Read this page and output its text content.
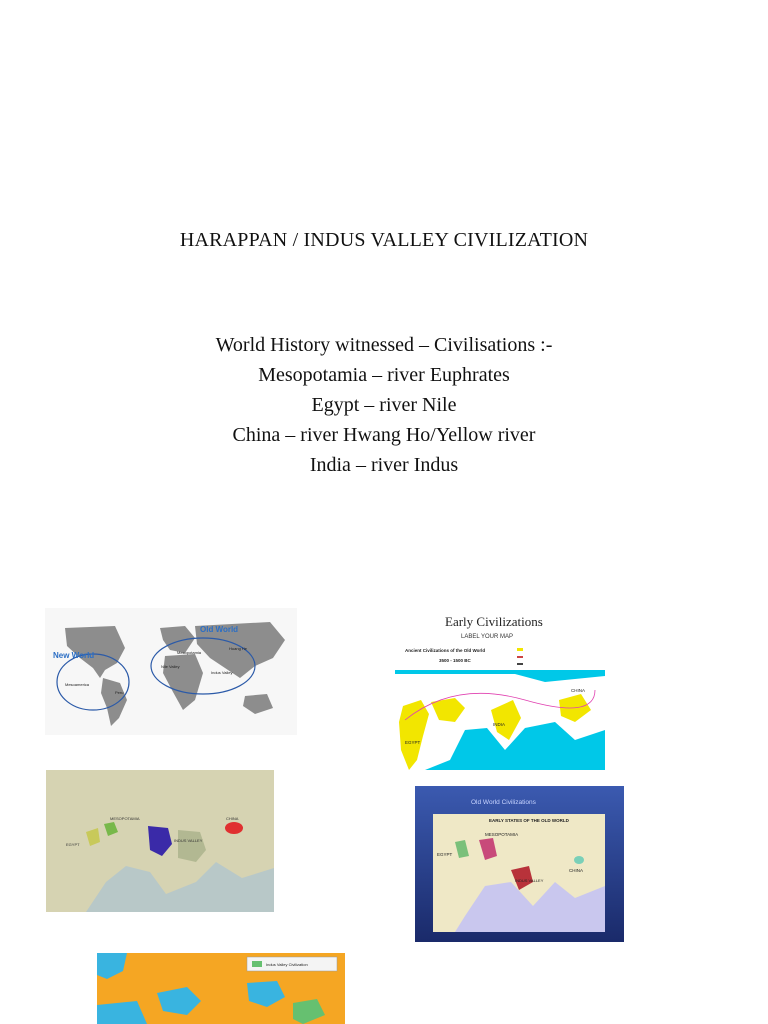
HARAPPAN / INDUS VALLEY CIVILIZATION
World History witnessed – Civilisations :-
Mesopotamia – river Euphrates
Egypt – river Nile
China – river Hwang Ho/Yellow river
India – river Indus
New World
Old World
Mesoamerica
Peru
Mesopotamia
Nile Valley
Indus Valley
Huang He
Early Civilizations
LABEL YOUR MAP
Ancient Civilizations of the Old World
3500 - 1500 BC
EGYPT
INDIA
CHINA
EGYPT
MESOPOTAMIA
INDUS VALLEY
CHINA
Old World Civilizations
EARLY STATES OF THE OLD WORLD
EGYPT
MESOPOTAMIA
INDUS VALLEY
CHINA
Indus Valley Civilization
